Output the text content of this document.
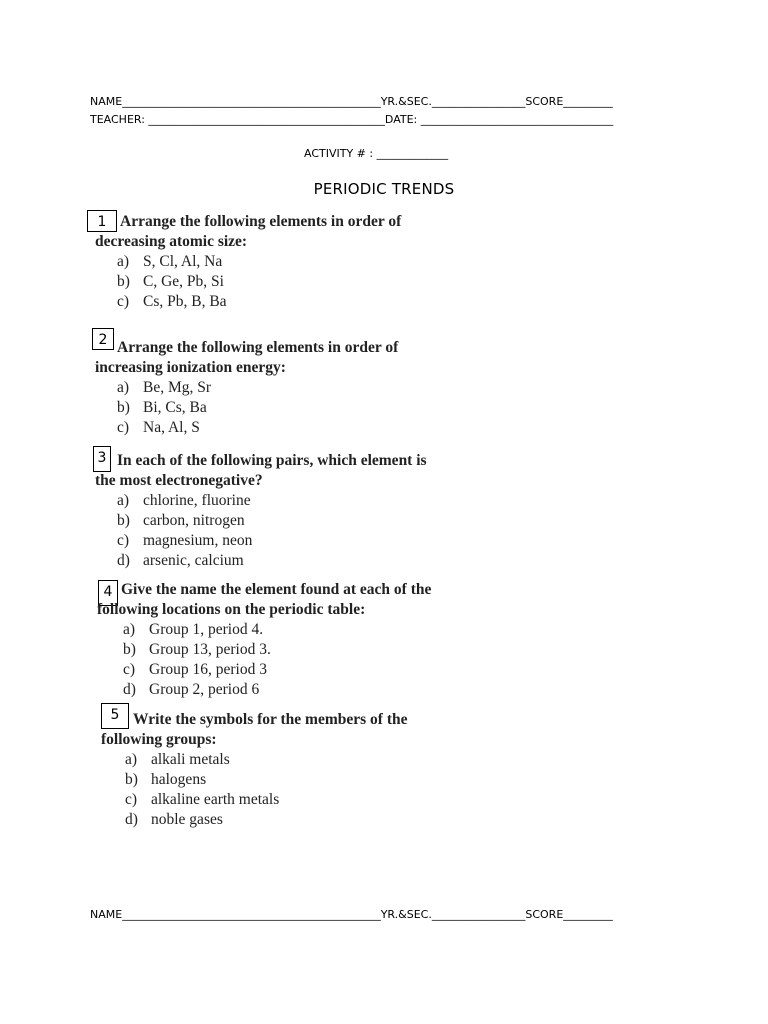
NAME_______________________________________________YR.&SEC._________________SCORE_________
TEACHER: ___________________________________________DATE: ___________________________________
ACTIVITY # : _____________
PERIODIC TRENDS
1 Arrange the following elements in order of
decreasing atomic size:
a) S, Cl, Al, Na
b) C, Ge, Pb, Si
c) Cs, Pb, B, Ba
2 Arrange the following elements in order of
increasing ionization energy:
a) Be, Mg, Sr
b) Bi, Cs, Ba
c) Na, Al, S
3 In each of the following pairs, which element is
the most electronegative?
a) chlorine, fluorine
b) carbon, nitrogen
c) magnesium, neon
d) arsenic, calcium
4 Give the name the element found at each of the
following locations on the periodic table:
a) Group 1, period 4.
b) Group 13, period 3.
c) Group 16, period 3
d) Group 2, period 6
5 Write the symbols for the members of the
following groups:
a) alkali metals
b) halogens
c) alkaline earth metals
d) noble gases
NAME_______________________________________________YR.&SEC._________________SCORE_________
